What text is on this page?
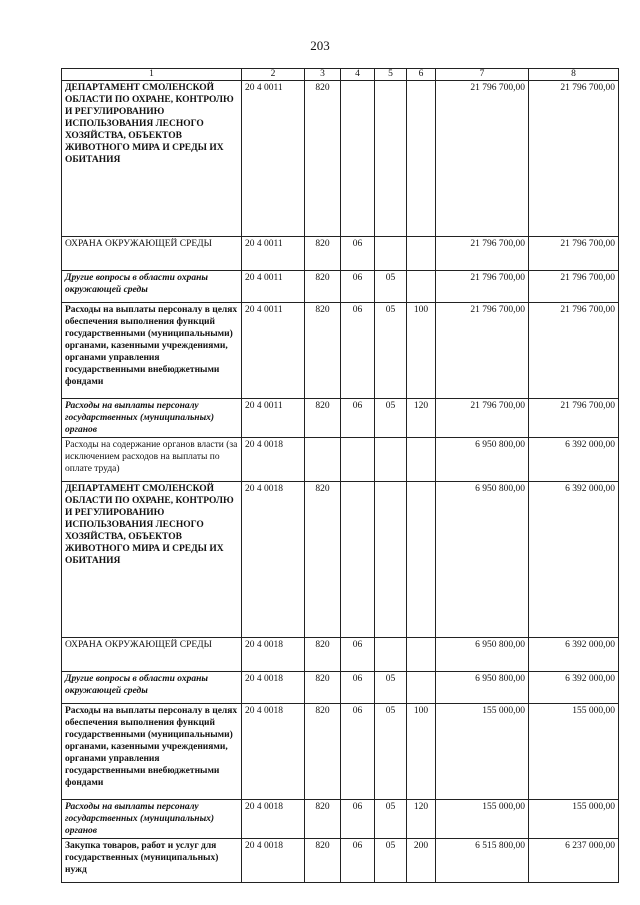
203
1	2	3	4	5	6	7	8
ДЕПАРТАМЕНТ СМОЛЕНСКОЙ ОБЛАСТИ ПО ОХРАНЕ, КОНТРОЛЮ И РЕГУЛИРОВАНИЮ ИСПОЛЬЗОВАНИЯ ЛЕСНОГО ХОЗЯЙСТВА, ОБЪЕКТОВ ЖИВОТНОГО МИРА И СРЕДЫ ИХ ОБИТАНИЯ	20 4 0011	820				21 796 700,00	21 796 700,00
ОХРАНА ОКРУЖАЮЩЕЙ СРЕДЫ	20 4 0011	820	06			21 796 700,00	21 796 700,00
Другие вопросы в области охраны окружающей среды	20 4 0011	820	06	05		21 796 700,00	21 796 700,00
Расходы на выплаты персоналу в целях обеспечения выполнения функций государственными (муниципальными) органами, казенными учреждениями, органами управления государственными внебюджетными фондами	20 4 0011	820	06	05	100	21 796 700,00	21 796 700,00
Расходы на выплаты персоналу государственных (муниципальных) органов	20 4 0011	820	06	05	120	21 796 700,00	21 796 700,00
Расходы на содержание органов власти (за исключением расходов на выплаты по оплате труда)	20 4 0018					6 950 800,00	6 392 000,00
ДЕПАРТАМЕНТ СМОЛЕНСКОЙ ОБЛАСТИ ПО ОХРАНЕ, КОНТРОЛЮ И РЕГУЛИРОВАНИЮ ИСПОЛЬЗОВАНИЯ ЛЕСНОГО ХОЗЯЙСТВА, ОБЪЕКТОВ ЖИВОТНОГО МИРА И СРЕДЫ ИХ ОБИТАНИЯ	20 4 0018	820				6 950 800,00	6 392 000,00
ОХРАНА ОКРУЖАЮЩЕЙ СРЕДЫ	20 4 0018	820	06			6 950 800,00	6 392 000,00
Другие вопросы в области охраны окружающей среды	20 4 0018	820	06	05		6 950 800,00	6 392 000,00
Расходы на выплаты персоналу в целях обеспечения выполнения функций государственными (муниципальными) органами, казенными учреждениями, органами управления государственными внебюджетными фондами	20 4 0018	820	06	05	100	155 000,00	155 000,00
Расходы на выплаты персоналу государственных (муниципальных) органов	20 4 0018	820	06	05	120	155 000,00	155 000,00
Закупка товаров, работ и услуг для государственных (муниципальных) нужд	20 4 0018	820	06	05	200	6 515 800,00	6 237 000,00
